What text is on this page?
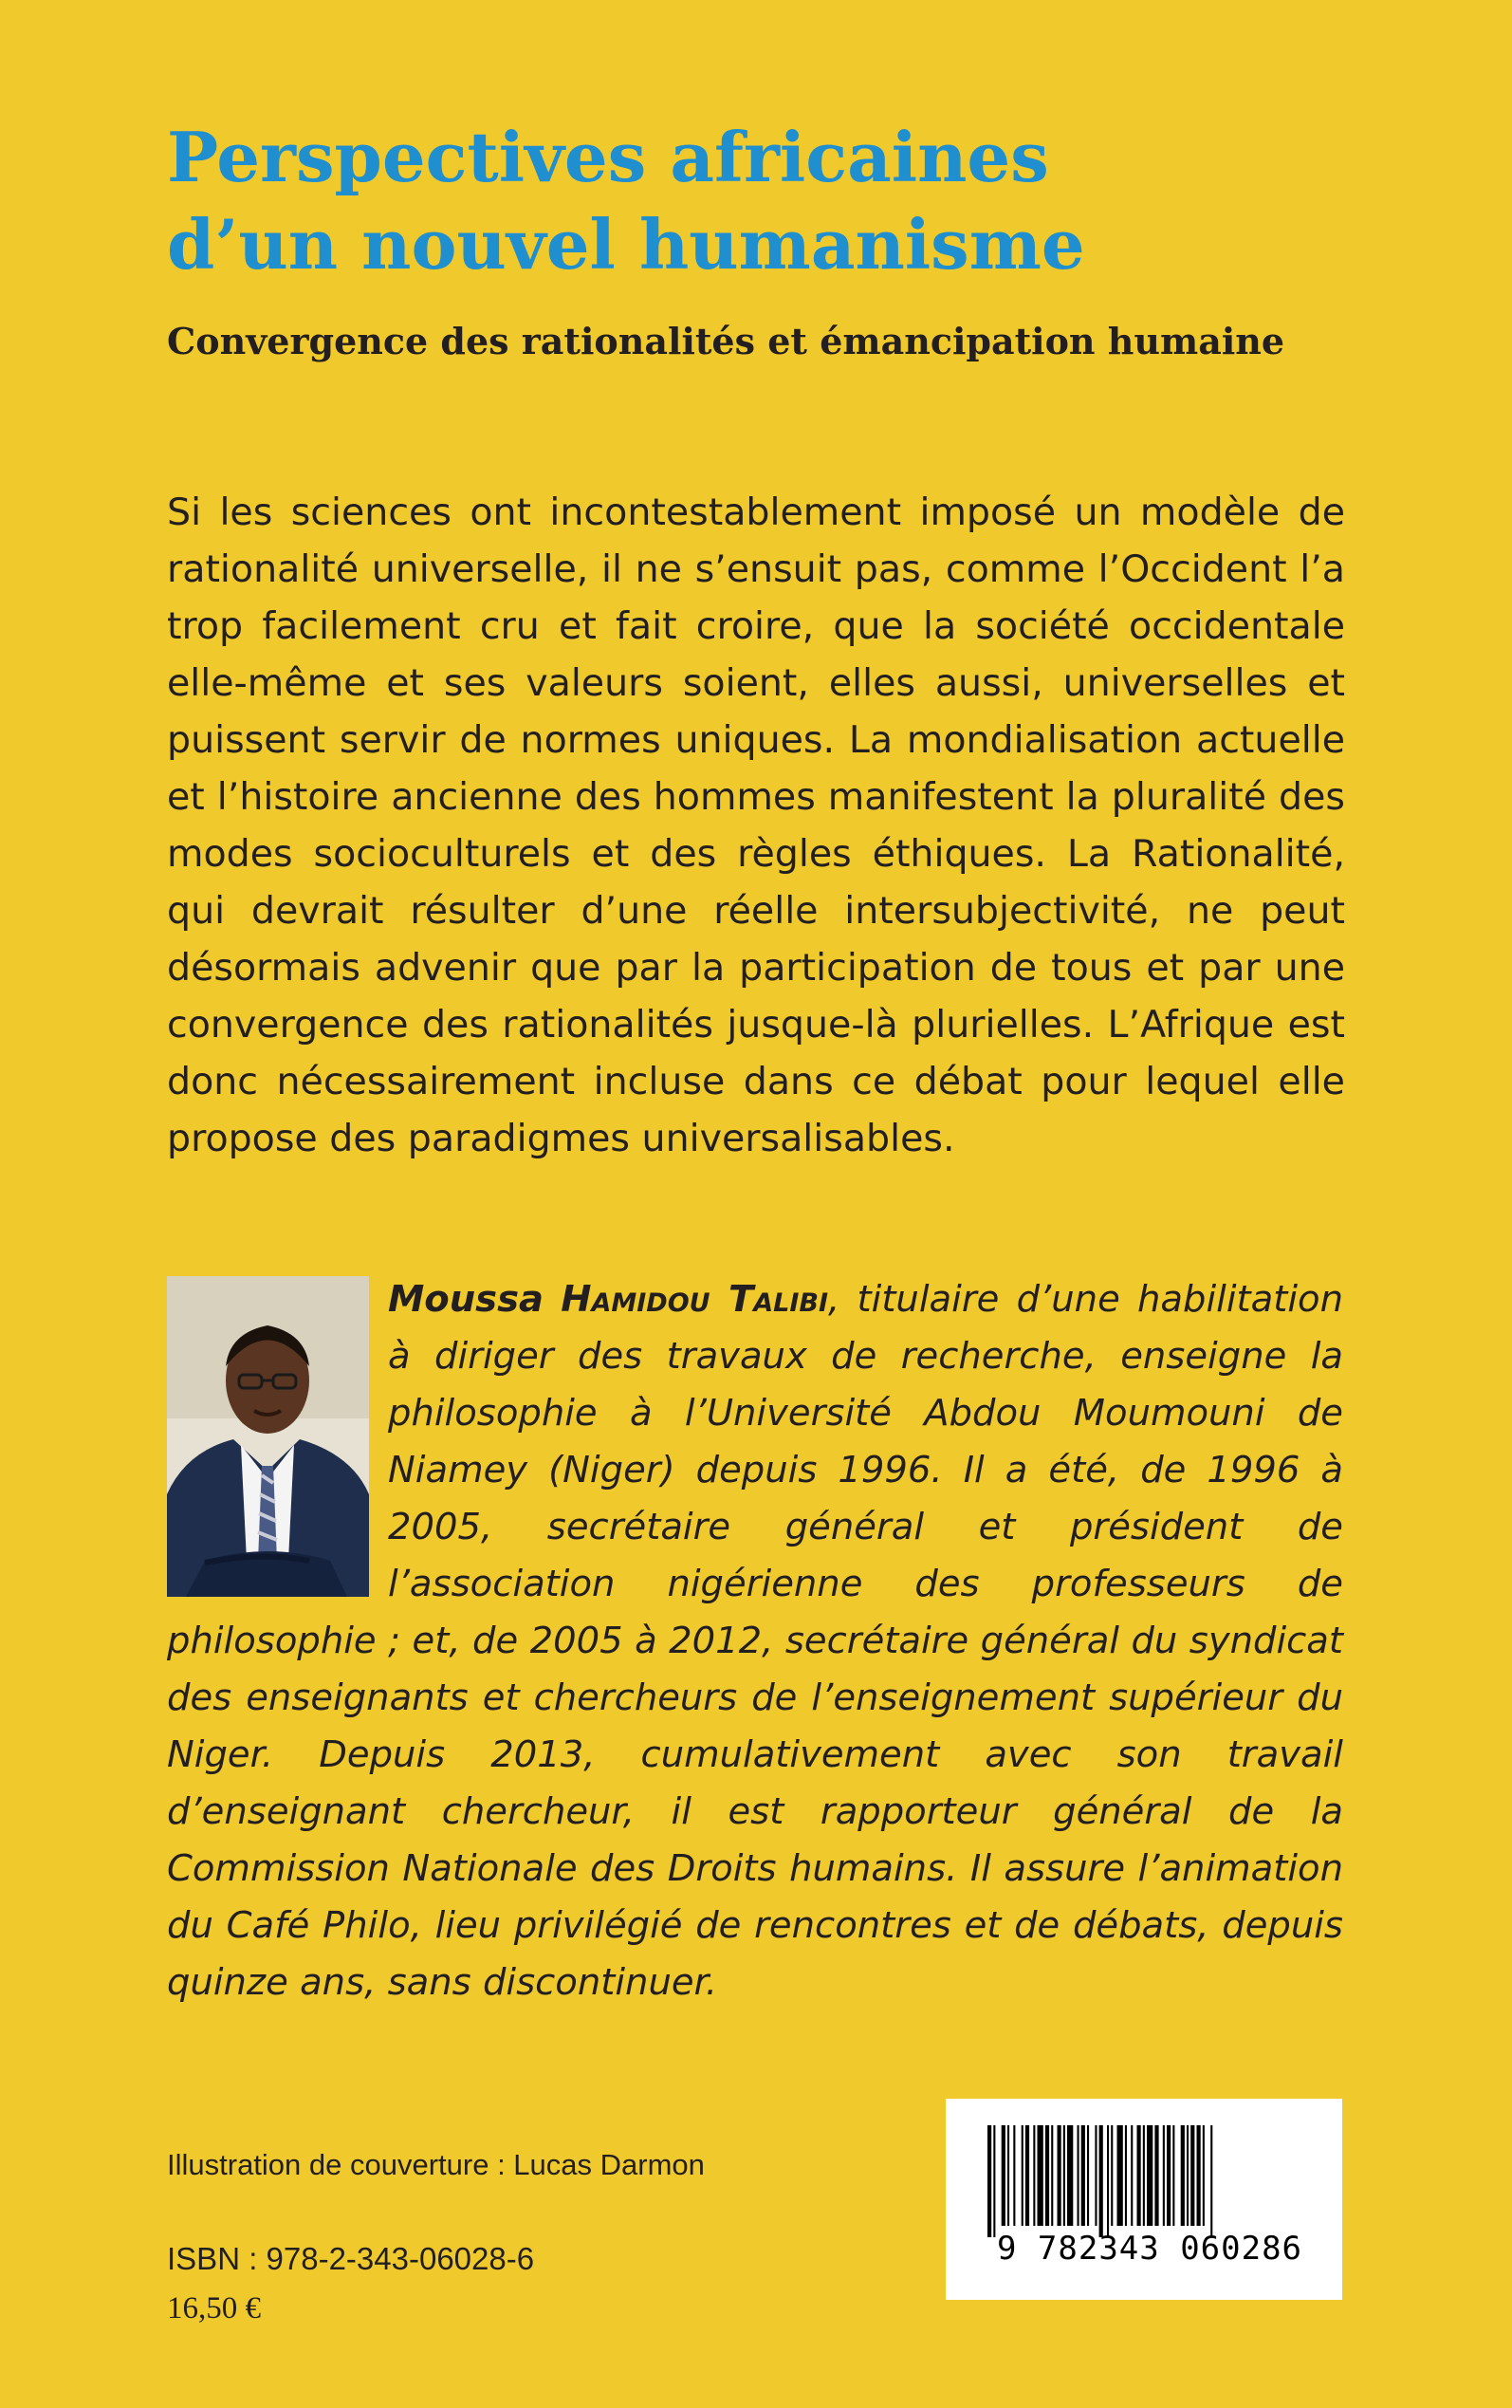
Perspectives africaines
d’un nouvel humanisme
Convergence des rationalités et émancipation humaine

Si les sciences ont incontestablement imposé un modèle de rationalité universelle, il ne s’ensuit pas, comme l’Occident l’a trop facilement cru et fait croire, que la société occidentale elle-même et ses valeurs soient, elles aussi, universelles et puissent servir de normes uniques. La mondialisation actuelle et l’histoire ancienne des hommes manifestent la pluralité des modes socioculturels et des règles éthiques. La Rationalité, qui devrait résulter d’une réelle intersubjectivité, ne peut désormais advenir que par la participation de tous et par une convergence des rationalités jusque-là plurielles. L’Afrique est donc nécessairement incluse dans ce débat pour lequel elle propose des paradigmes universalisables.

Moussa Hamidou Talibi, titulaire d’une habilitation à diriger des travaux de recherche, enseigne la philosophie à l’Université Abdou Moumouni de Niamey (Niger) depuis 1996. Il a été, de 1996 à 2005, secrétaire général et président de l’association nigérienne des professeurs de philosophie ; et, de 2005 à 2012, secrétaire général du syndicat des enseignants et chercheurs de l’enseignement supérieur du Niger. Depuis 2013, cumulativement avec son travail d’enseignant chercheur, il est rapporteur général de la Commission Nationale des Droits humains. Il assure l’animation du Café Philo, lieu privilégié de rencontres et de débats, depuis quinze ans, sans discontinuer.

Illustration de couverture : Lucas Darmon
ISBN : 978-2-343-06028-6
16,50 €
9 782343 060286
